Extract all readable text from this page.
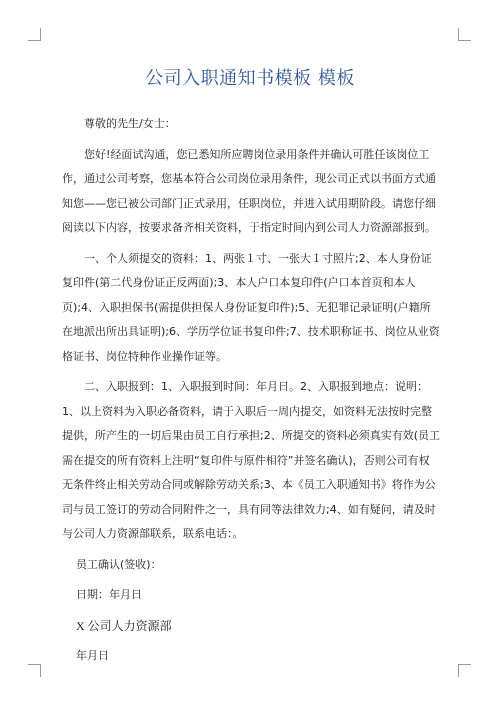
公司入职通知书模板 模板

尊敬的先生/女士：

您好!经面试沟通，您已悉知所应聘岗位录用条件并确认可胜任该岗位工作，通过公司考察，您基本符合公司岗位录用条件，现公司正式以书面方式通知您——您已被公司部门正式录用，任职岗位，并进入试用期阶段。请您仔细阅读以下内容，按要求备齐相关资料，于指定时间内到公司人力资源部报到。

一、个人须提交的资料：1、两张１寸、一张大１寸照片;2、本人身份证复印件(第二代身份证正反两面);3、本人户口本复印件(户口本首页和本人页);4、入职担保书(需提供担保人身份证复印件);5、无犯罪记录证明(户籍所在地派出所出具证明);6、学历学位证书复印件;7、技术职称证书、岗位从业资格证书、岗位特种作业操作证等。

二、入职报到：1、入职报到时间：年月日。2、入职报到地点：说明：1、以上资料为入职必备资料，请于入职后一周内提交，如资料无法按时完整提供，所产生的一切后果由员工自行承担;2、所提交的资料必须真实有效(员工需在提交的所有资料上注明“复印件与原件相符”并签名确认)，否则公司有权无条件终止相关劳动合同或解除劳动关系;3、本《员工入职通知书》将作为公司与员工签订的劳动合同附件之一，具有同等法律效力;4、如有疑问，请及时与公司人力资源部联系，联系电话：。

员工确认(签收)：

日期：年月日

X 公司人力资源部

年月日
